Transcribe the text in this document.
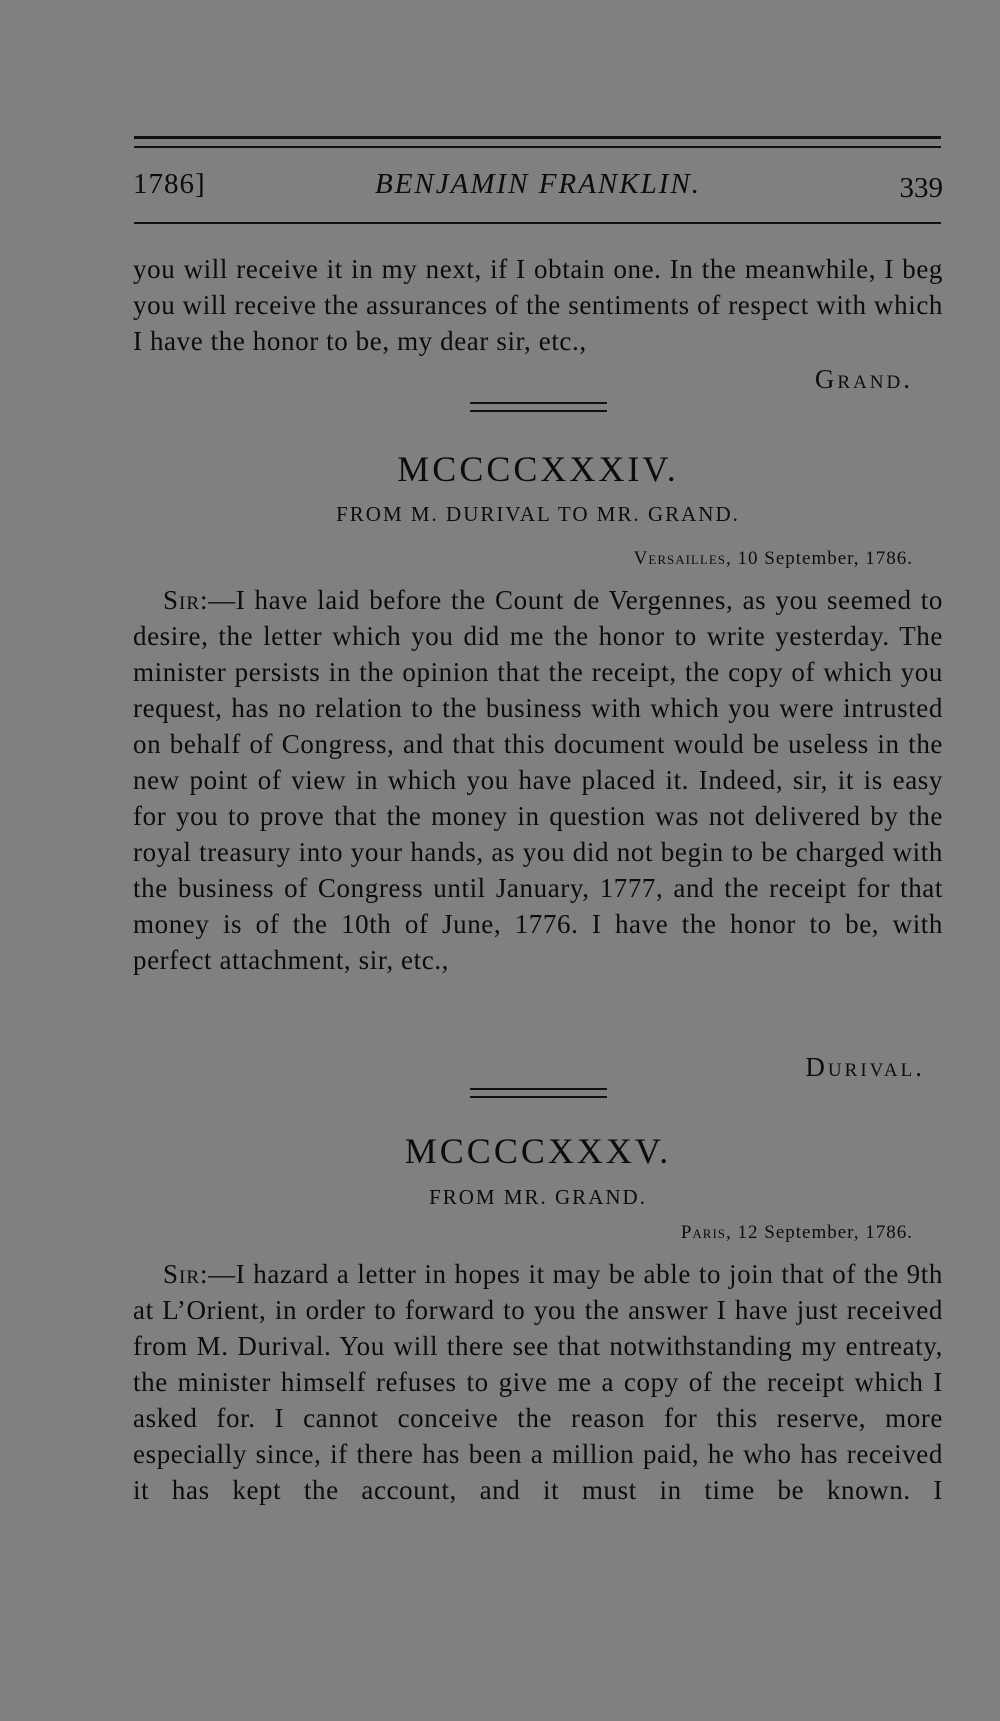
1786]	BENJAMIN FRANKLIN.	339

you will receive it in my next, if I obtain one. In the meanwhile, I beg you will receive the assurances of the sentiments of respect with which I have the honor to be, my dear sir, etc.,

Grand.
MCCCCXXXIV.
FROM M. DURIVAL TO MR. GRAND.
Versailles, 10 September, 1786.

Sir:—I have laid before the Count de Vergennes, as you seemed to desire, the letter which you did me the honor to write yesterday. The minister persists in the opinion that the receipt, the copy of which you request, has no relation to the business with which you were intrusted on behalf of Congress, and that this document would be useless in the new point of view in which you have placed it. Indeed, sir, it is easy for you to prove that the money in question was not delivered by the royal treasury into your hands, as you did not begin to be charged with the business of Congress until January, 1777, and the receipt for that money is of the 10th of June, 1776. I have the honor to be, with perfect attachment, sir, etc.,

Durival.
MCCCCXXXV.
FROM MR. GRAND.
Paris, 12 September, 1786.

Sir:—I hazard a letter in hopes it may be able to join that of the 9th at L’Orient, in order to forward to you the answer I have just received from M. Durival. You will there see that notwithstanding my entreaty, the minister himself refuses to give me a copy of the receipt which I asked for. I cannot conceive the reason for this reserve, more especially since, if there has been a million paid, he who has received it has kept the account, and it must in time be known. I
